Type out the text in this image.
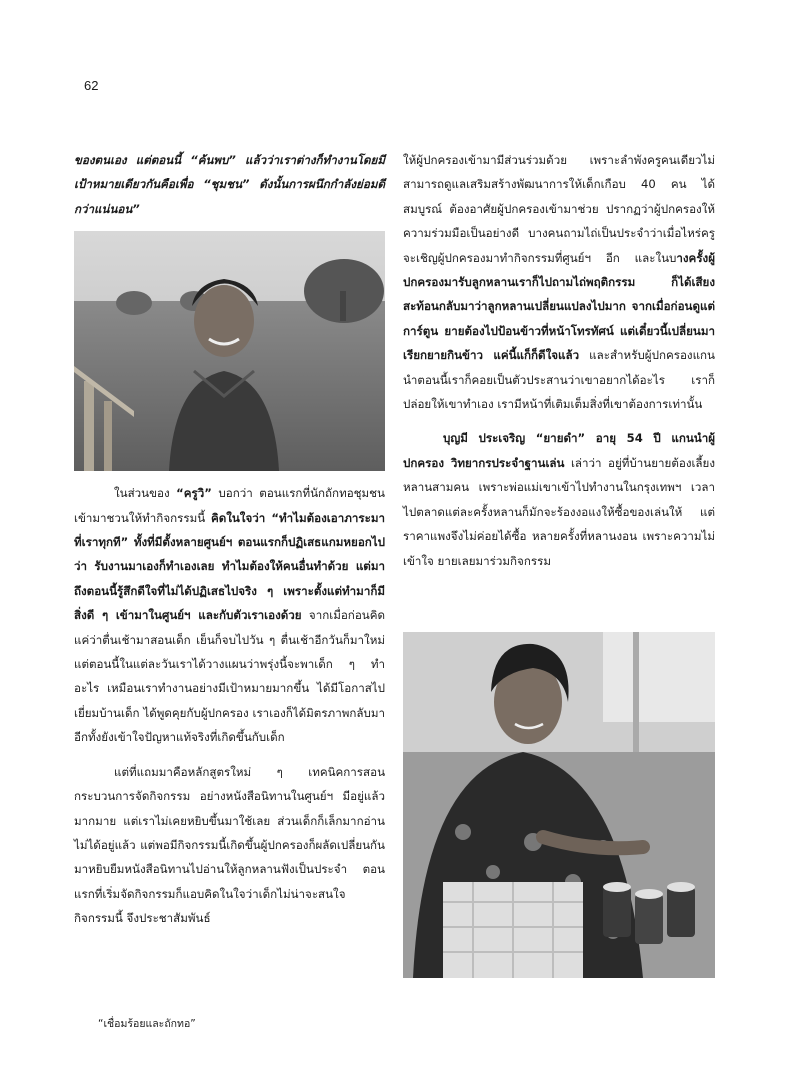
62

ของตนเอง แต่ตอนนี้ “ค้นพบ” แล้วว่าเราต่างก็ทำงานโดยมีเป้าหมายเดียวกันคือเพื่อ “ชุมชน” ดังนั้นการผนึกกำลังย่อมดีกว่าแน่นอน”

ในส่วนของ “ครูวิ” บอกว่า ตอนแรกที่นักถักทอชุมชนเข้ามาชวนให้ทำกิจกรรมนี้ คิดในใจว่า “ทำไมต้องเอาภาระมาที่เราทุกที” ทั้งที่มีตั้งหลายศูนย์ฯ ตอนแรกก็ปฏิเสธแกมหยอกไปว่า รับงานมาเองก็ทำเองเลย ทำไมต้องให้คนอื่นทำด้วย แต่มาถึงตอนนี้รู้สึกดีใจที่ไม่ได้ปฏิเสธไปจริง ๆ เพราะตั้งแต่ทำมาก็มีสิ่งดี ๆ เข้ามาในศูนย์ฯ และกับตัวเราเองด้วย จากเมื่อก่อนคิดแค่ว่าตื่นเช้ามาสอนเด็ก เย็นก็จบไปวัน ๆ ตื่นเช้าอีกวันก็มาใหม่ แต่ตอนนี้ในแต่ละวันเราได้วางแผนว่าพรุ่งนี้จะพาเด็ก ๆ ทำอะไร เหมือนเราทำงานอย่างมีเป้าหมายมากขึ้น ได้มีโอกาสไปเยี่ยมบ้านเด็ก ได้พูดคุยกับผู้ปกครอง เราเองก็ได้มิตรภาพกลับมา อีกทั้งยังเข้าใจปัญหาแท้จริงที่เกิดขึ้นกับเด็ก

แต่ที่แถมมาคือหลักสูตรใหม่ ๆ เทคนิคการสอนกระบวนการจัดกิจกรรม อย่างหนังสือนิทานในศูนย์ฯ มีอยู่แล้วมากมาย แต่เราไม่เคยหยิบขึ้นมาใช้เลย ส่วนเด็กก็เล็กมากอ่านไม่ได้อยู่แล้ว แต่พอมีกิจกรรมนี้เกิดขึ้นผู้ปกครองก็ผลัดเปลี่ยนกันมาหยิบยืมหนังสือนิทานไปอ่านให้ลูกหลานฟังเป็นประจำ ตอนแรกที่เริ่มจัดกิจกรรมก็แอบคิดในใจว่าเด็กไม่น่าจะสนใจกิจกรรมนี้ จึงประชาสัมพันธ์

ให้ผู้ปกครองเข้ามามีส่วนร่วมด้วย เพราะลำพังครูคนเดียวไม่สามารถดูแลเสริมสร้างพัฒนาการให้เด็กเกือบ 40 คน ได้สมบูรณ์ ต้องอาศัยผู้ปกครองเข้ามาช่วย ปรากฏว่าผู้ปกครองให้ความร่วมมือเป็นอย่างดี บางคนถามไถ่เป็นประจำว่าเมื่อไหร่ครูจะเชิญผู้ปกครองมาทำกิจกรรมที่ศูนย์ฯ อีก และในบางครั้งผู้ปกครองมารับลูกหลานเราก็ไปถามไถ่พฤติกรรม ก็ได้เสียงสะท้อนกลับมาว่าลูกหลานเปลี่ยนแปลงไปมาก จากเมื่อก่อนดูแต่การ์ตูน ยายต้องไปป้อนข้าวที่หน้าโทรทัศน์ แต่เดี๋ยวนี้เปลี่ยนมาเรียกยายกินข้าว แค่นี้แก็ก็ดีใจแล้ว และสำหรับผู้ปกครองแกนนำตอนนี้เราก็คอยเป็นตัวประสานว่าเขาอยากได้อะไร เราก็ปล่อยให้เขาทำเอง เรามีหน้าที่เติมเต็มสิ่งที่เขาต้องการเท่านั้น

บุญมี ประเจริญ “ยายดำ” อายุ 54 ปี แกนนำผู้ปกครอง วิทยากรประจำฐานเล่น เล่าว่า อยู่ที่บ้านยายต้องเลี้ยงหลานสามคน เพราะพ่อแม่เขาเข้าไปทำงานในกรุงเทพฯ เวลาไปตลาดแต่ละครั้งหลานก็มักจะร้องงอแงให้ซื้อของเล่นให้ แต่ราคาแพงจึงไม่ค่อยได้ซื้อ หลายครั้งที่หลานงอน เพราะความไม่เข้าใจ ยายเลยมาร่วมกิจกรรม

“เชื่อมร้อยและถักทอ”
